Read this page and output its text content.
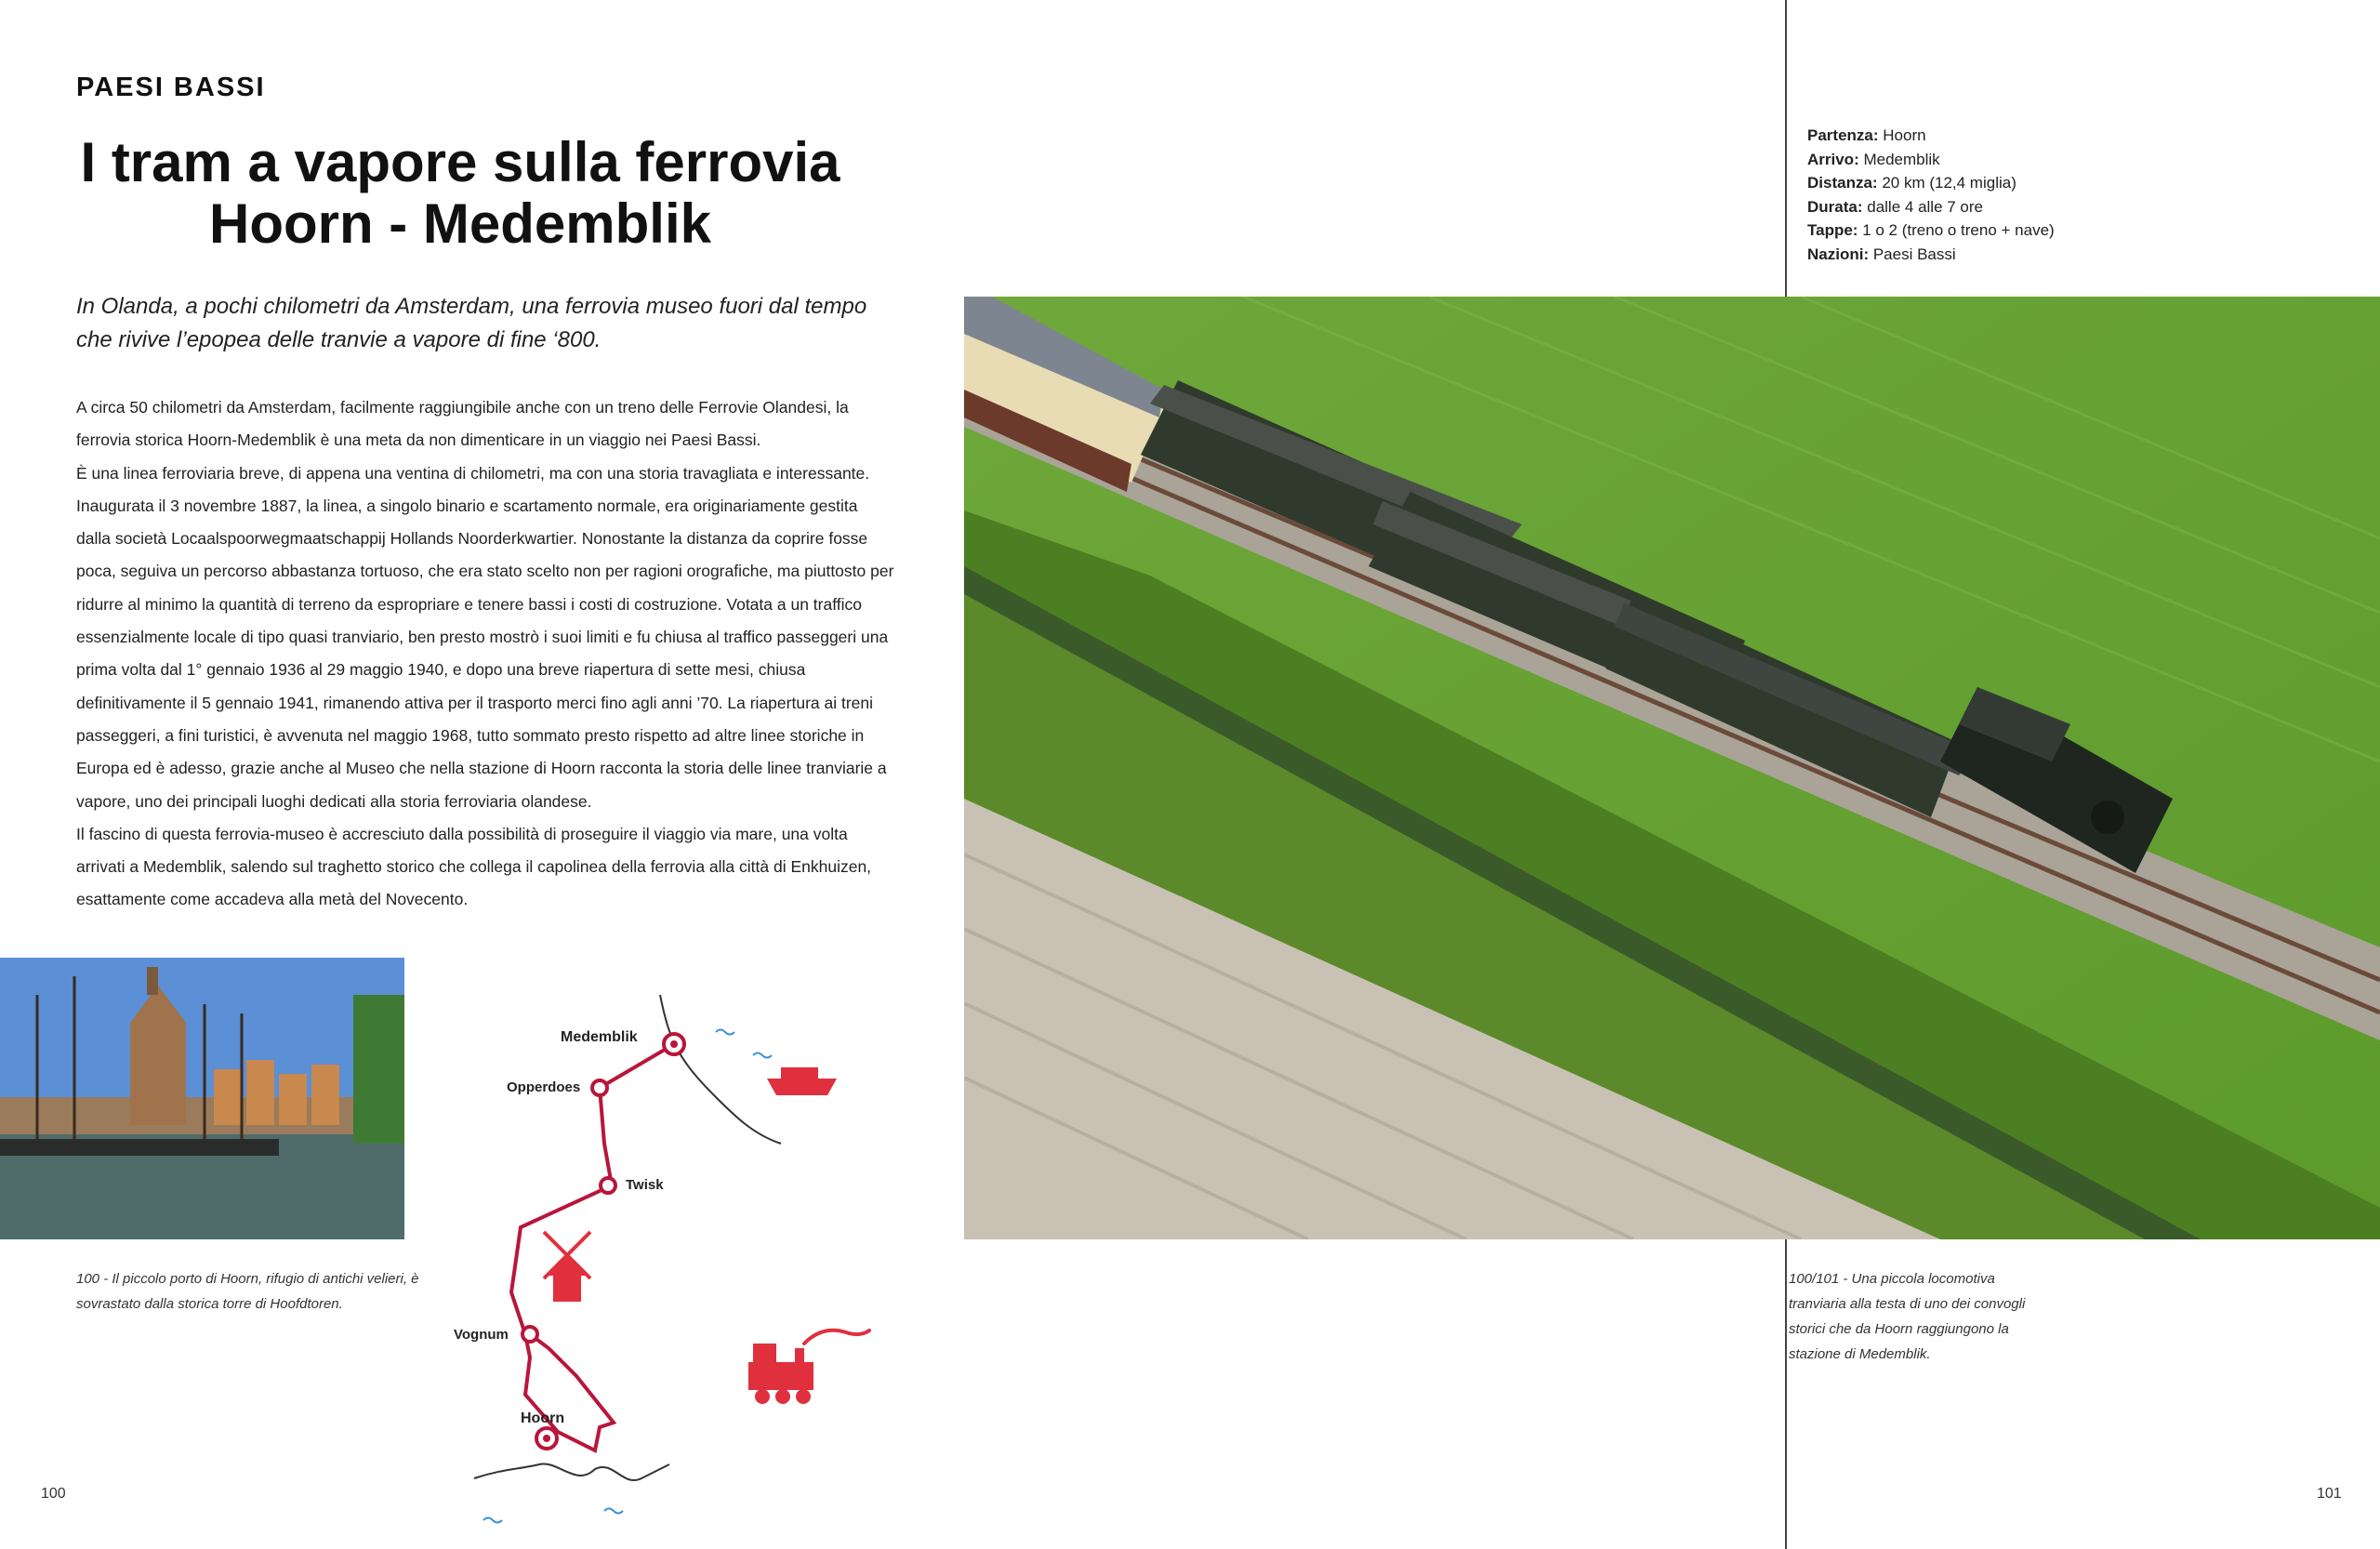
PAESI BASSI
I tram a vapore sulla ferrovia
Hoorn - Medemblik
In Olanda, a pochi chilometri da Amsterdam, una ferrovia museo fuori dal tempo che rivive l’epopea delle tranvie a vapore di fine ‘800.

A circa 50 chilometri da Amsterdam, facilmente raggiungibile anche con un treno delle Ferrovie Olandesi, la ferrovia storica Hoorn-Medemblik è una meta da non dimenticare in un viaggio nei Paesi Bassi.

È una linea ferroviaria breve, di appena una ventina di chilometri, ma con una storia travagliata e interessante. Inaugurata il 3 novembre 1887, la linea, a singolo binario e scartamento normale, era originariamente gestita dalla società Locaalspoorwegmaatschappij Hollands Noorderkwartier. Nonostante la distanza da coprire fosse poca, seguiva un percorso abbastanza tortuoso, che era stato scelto non per ragioni orografiche, ma piuttosto per ridurre al minimo la quantità di terreno da espropriare e tenere bassi i costi di costruzione. Votata a un traffico essenzialmente locale di tipo quasi tranviario, ben presto mostrò i suoi limiti e fu chiusa al traffico passeggeri una prima volta dal 1° gennaio 1936 al 29 maggio 1940, e dopo una breve riapertura di sette mesi, chiusa definitivamente il 5 gennaio 1941, rimanendo attiva per il trasporto merci fino agli anni ’70. La riapertura ai treni passeggeri, a fini turistici, è avvenuta nel maggio 1968, tutto sommato presto rispetto ad altre linee storiche in Europa ed è adesso, grazie anche al Museo che nella stazione di Hoorn racconta la storia delle linee tranviarie a vapore, uno dei principali luoghi dedicati alla storia ferroviaria olandese.

Il fascino di questa ferrovia-museo è accresciuto dalla possibilità di proseguire il viaggio via mare, una volta arrivati a Medemblik, salendo sul traghetto storico che collega il capolinea della ferrovia alla città di Enkhuizen, esattamente come accadeva alla metà del Novecento.

Partenza: Hoorn
Arrivo: Medemblik
Distanza: 20 km (12,4 miglia)
Durata: dalle 4 alle 7 ore
Tappe: 1 o 2 (treno o treno + nave)
Nazioni: Paesi Bassi
100 - Il piccolo porto di Hoorn, rifugio di antichi velieri, è sovrastato dalla storica torre di Hoofdtoren.
100/101 - Una piccola locomotiva tranviaria alla testa di uno dei convogli storici che da Hoorn raggiungono la stazione di Medemblik.
Medemblik
Opperdoes
Twisk
Vognum
Hoorn
100	101
